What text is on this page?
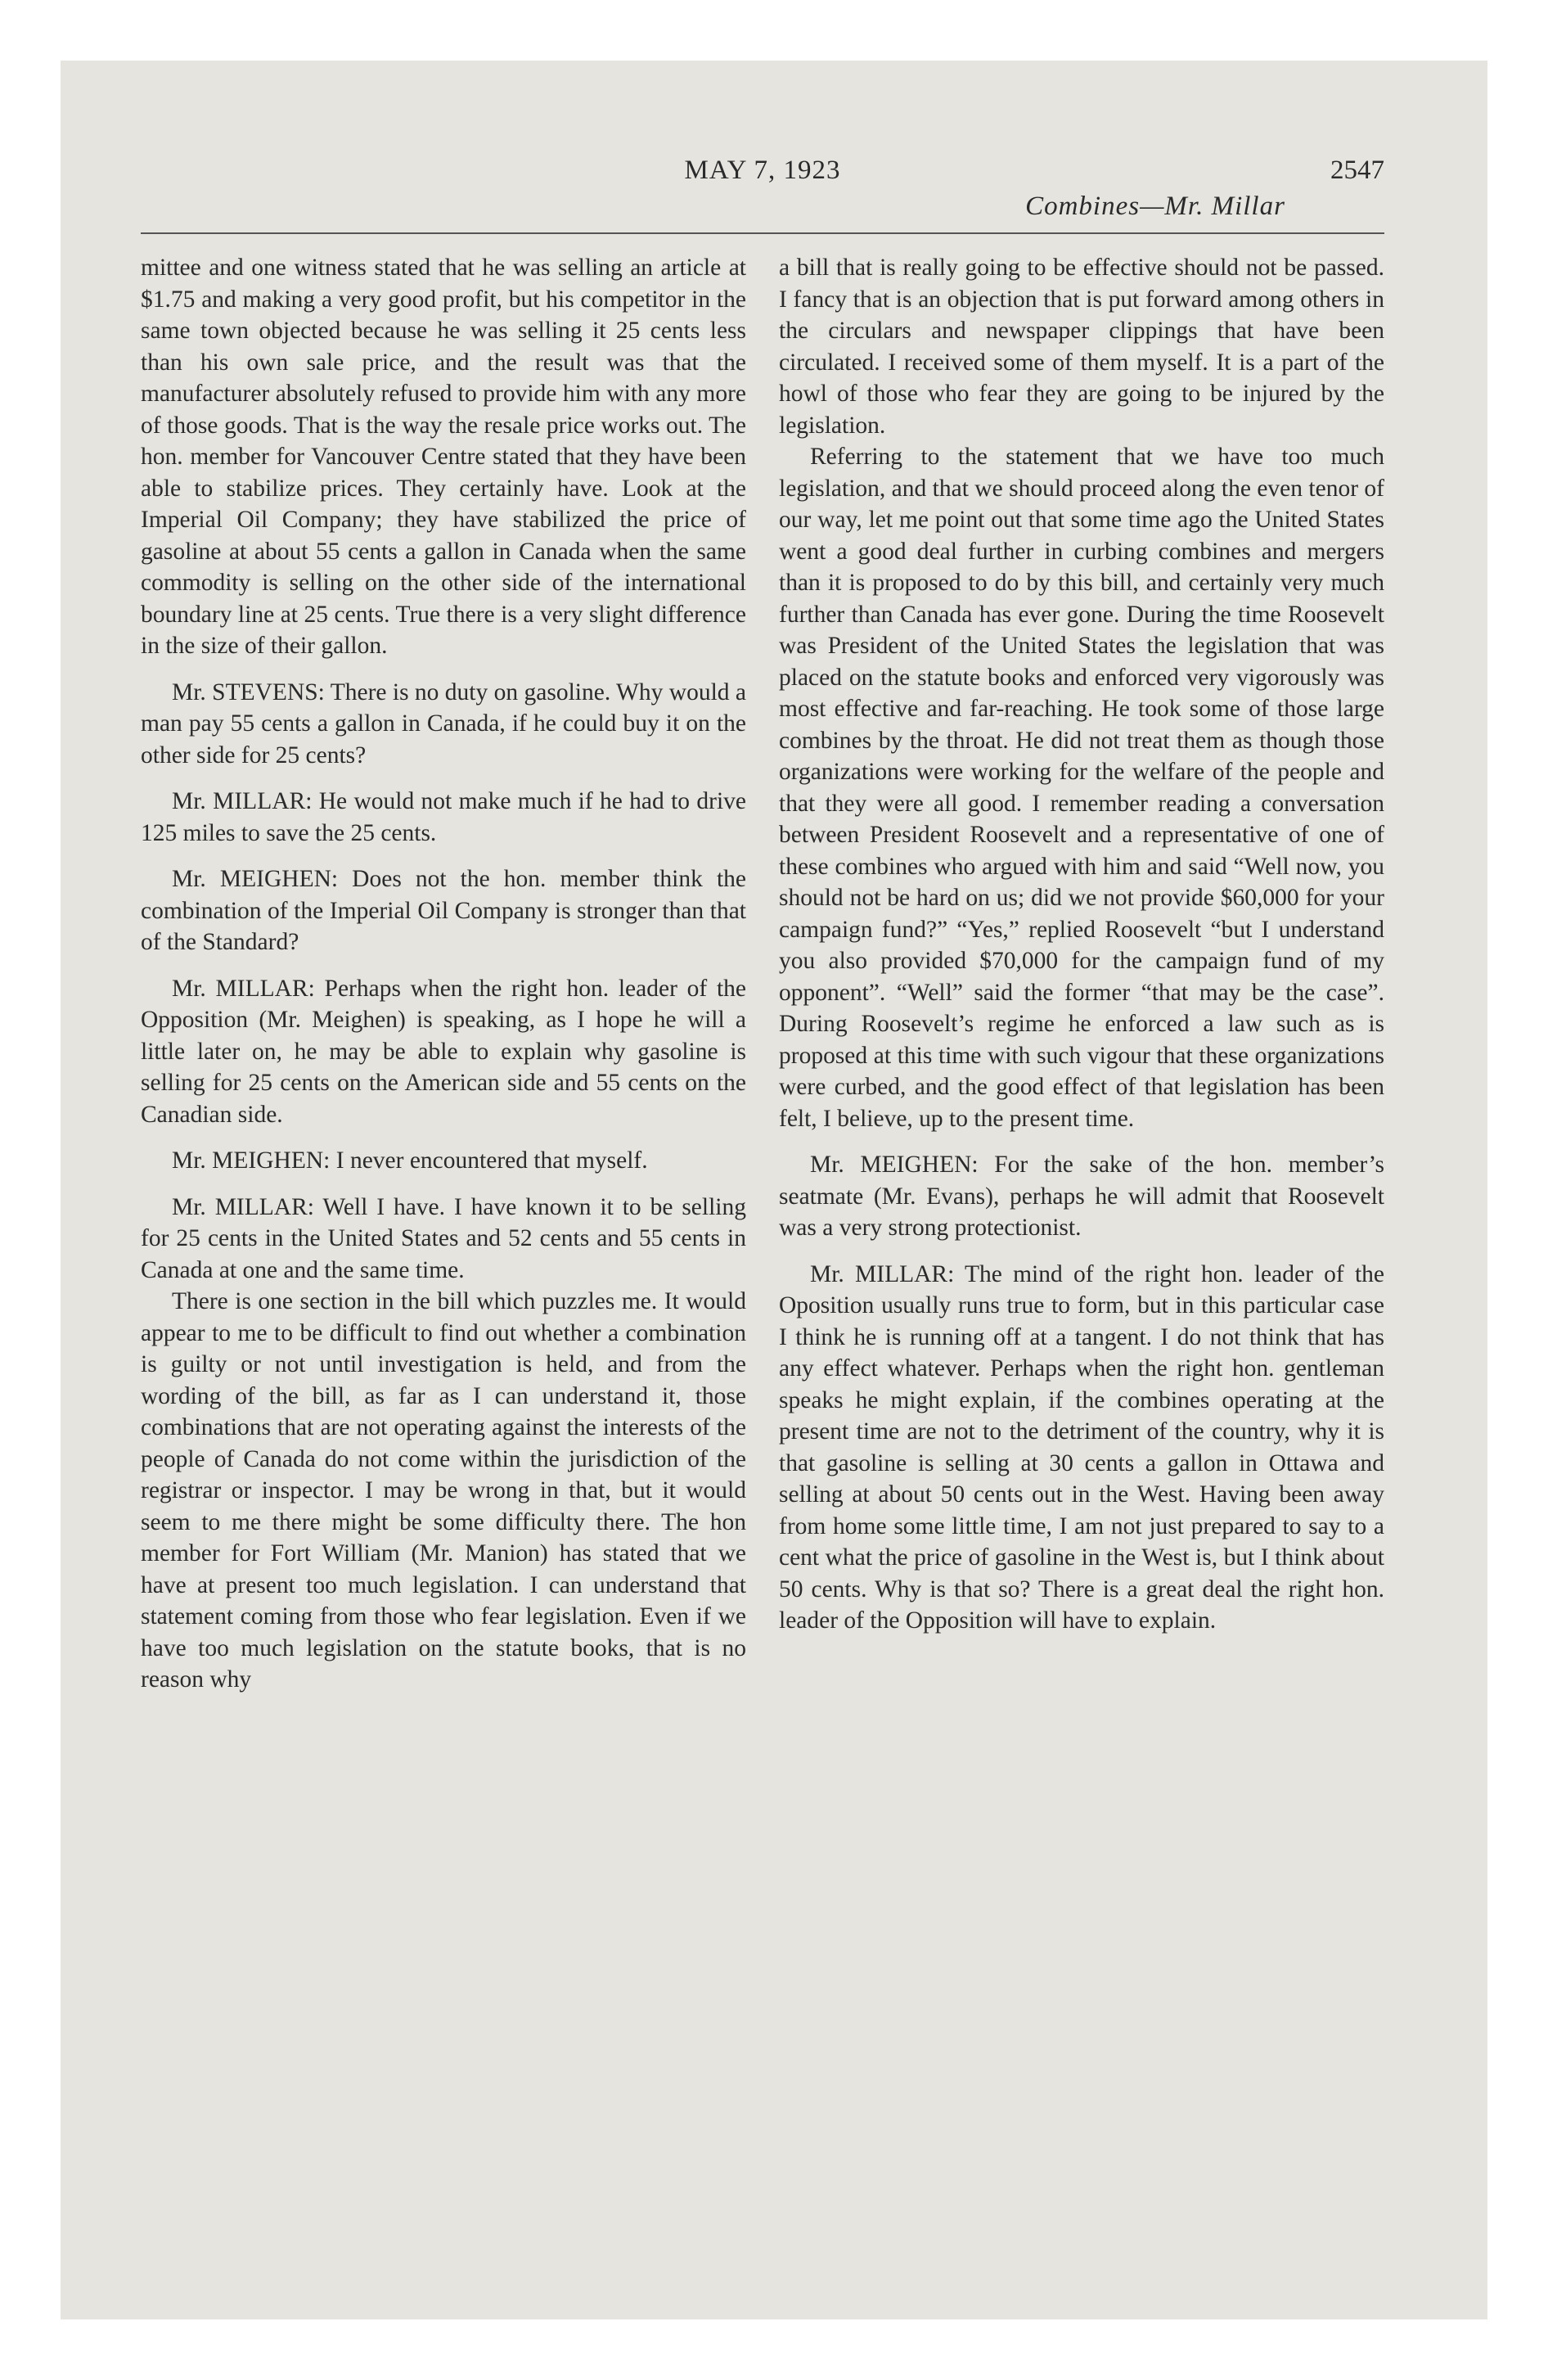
MAY 7, 1923	2547
Combines—Mr. Millar

mittee and one witness stated that he was selling an article at $1.75 and making a very good profit, but his competitor in the same town objected because he was selling it 25 cents less than his own sale price, and the result was that the manufacturer absolutely refused to provide him with any more of those goods. That is the way the resale price works out. The hon. member for Vancouver Centre stated that they have been able to stabilize prices. They certainly have. Look at the Imperial Oil Company; they have stabilized the price of gasoline at about 55 cents a gallon in Canada when the same commodity is selling on the other side of the international boundary line at 25 cents. True there is a very slight difference in the size of their gallon.

Mr. STEVENS: There is no duty on gasoline. Why would a man pay 55 cents a gallon in Canada, if he could buy it on the other side for 25 cents?

Mr. MILLAR: He would not make much if he had to drive 125 miles to save the 25 cents.

Mr. MEIGHEN: Does not the hon. member think the combination of the Imperial Oil Company is stronger than that of the Standard?

Mr. MILLAR: Perhaps when the right hon. leader of the Opposition (Mr. Meighen) is speaking, as I hope he will a little later on, he may be able to explain why gasoline is selling for 25 cents on the American side and 55 cents on the Canadian side.

Mr. MEIGHEN: I never encountered that myself.

Mr. MILLAR: Well I have. I have known it to be selling for 25 cents in the United States and 52 cents and 55 cents in Canada at one and the same time.

There is one section in the bill which puzzles me. It would appear to me to be difficult to find out whether a combination is guilty or not until investigation is held, and from the wording of the bill, as far as I can understand it, those combinations that are not operating against the interests of the people of Canada do not come within the jurisdiction of the registrar or inspector. I may be wrong in that, but it would seem to me there might be some difficulty there. The hon member for Fort William (Mr. Manion) has stated that we have at present too much legislation. I can understand that statement coming from those who fear legislation. Even if we have too much legislation on the statute books, that is no reason why

a bill that is really going to be effective should not be passed. I fancy that is an objection that is put forward among others in the circulars and newspaper clippings that have been circulated. I received some of them myself. It is a part of the howl of those who fear they are going to be injured by the legislation.

Referring to the statement that we have too much legislation, and that we should proceed along the even tenor of our way, let me point out that some time ago the United States went a good deal further in curbing combines and mergers than it is proposed to do by this bill, and certainly very much further than Canada has ever gone. During the time Roosevelt was President of the United States the legislation that was placed on the statute books and enforced very vigorously was most effective and far-reaching. He took some of those large combines by the throat. He did not treat them as though those organizations were working for the welfare of the people and that they were all good. I remember reading a conversation between President Roosevelt and a representative of one of these combines who argued with him and said “Well now, you should not be hard on us; did we not provide $60,000 for your campaign fund?” “Yes,” replied Roosevelt “but I understand you also provided $70,000 for the campaign fund of my opponent”. “Well” said the former “that may be the case”. During Roosevelt’s regime he enforced a law such as is proposed at this time with such vigour that these organizations were curbed, and the good effect of that legislation has been felt, I believe, up to the present time.

Mr. MEIGHEN: For the sake of the hon. member’s seatmate (Mr. Evans), perhaps he will admit that Roosevelt was a very strong protectionist.

Mr. MILLAR: The mind of the right hon. leader of the Oposition usually runs true to form, but in this particular case I think he is running off at a tangent. I do not think that has any effect whatever. Perhaps when the right hon. gentleman speaks he might explain, if the combines operating at the present time are not to the detriment of the country, why it is that gasoline is selling at 30 cents a gallon in Ottawa and selling at about 50 cents out in the West. Having been away from home some little time, I am not just prepared to say to a cent what the price of gasoline in the West is, but I think about 50 cents. Why is that so? There is a great deal the right hon. leader of the Opposition will have to explain.
